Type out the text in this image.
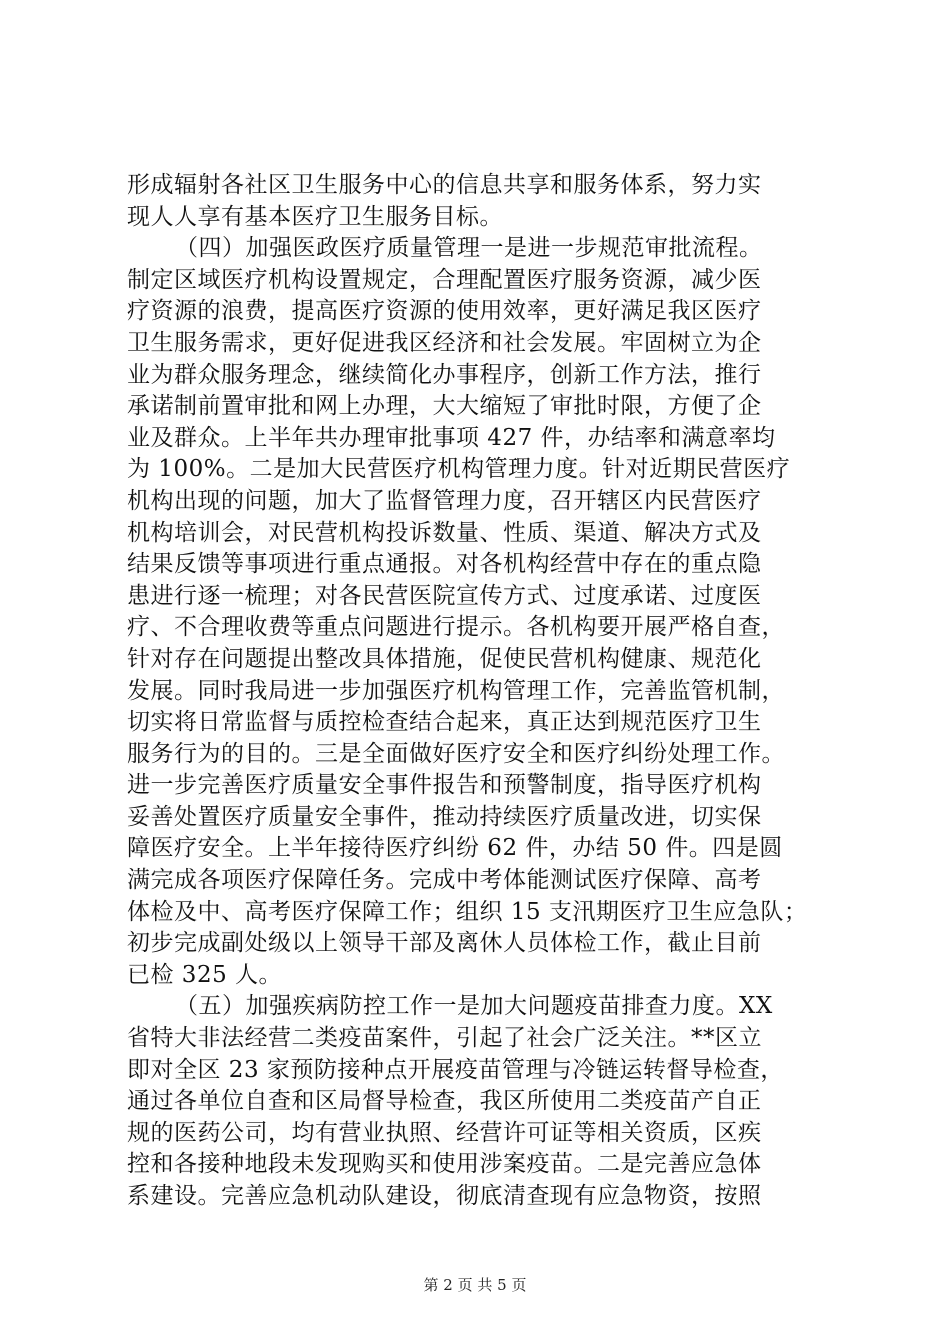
形成辐射各社区卫生服务中心的信息共享和服务体系，努力实
现人人享有基本医疗卫生服务目标。
（四）加强医政医疗质量管理一是进一步规范审批流程。
制定区域医疗机构设置规定，合理配置医疗服务资源，减少医
疗资源的浪费，提高医疗资源的使用效率，更好满足我区医疗
卫生服务需求，更好促进我区经济和社会发展。牢固树立为企
业为群众服务理念，继续简化办事程序，创新工作方法，推行
承诺制前置审批和网上办理，大大缩短了审批时限，方便了企
业及群众。上半年共办理审批事项 427 件，办结率和满意率均
为 100%。二是加大民营医疗机构管理力度。针对近期民营医疗
机构出现的问题，加大了监督管理力度，召开辖区内民营医疗
机构培训会，对民营机构投诉数量、性质、渠道、解决方式及
结果反馈等事项进行重点通报。对各机构经营中存在的重点隐
患进行逐一梳理；对各民营医院宣传方式、过度承诺、过度医
疗、不合理收费等重点问题进行提示。各机构要开展严格自查，
针对存在问题提出整改具体措施，促使民营机构健康、规范化
发展。同时我局进一步加强医疗机构管理工作，完善监管机制，
切实将日常监督与质控检查结合起来，真正达到规范医疗卫生
服务行为的目的。三是全面做好医疗安全和医疗纠纷处理工作。
进一步完善医疗质量安全事件报告和预警制度，指导医疗机构
妥善处置医疗质量安全事件，推动持续医疗质量改进，切实保
障医疗安全。上半年接待医疗纠纷 62 件，办结 50 件。四是圆
满完成各项医疗保障任务。完成中考体能测试医疗保障、高考
体检及中、高考医疗保障工作；组织 15 支汛期医疗卫生应急队；
初步完成副处级以上领导干部及离休人员体检工作，截止目前
已检 325 人。
（五）加强疾病防控工作一是加大问题疫苗排查力度。XX
省特大非法经营二类疫苗案件，引起了社会广泛关注。**区立
即对全区 23 家预防接种点开展疫苗管理与冷链运转督导检查，
通过各单位自查和区局督导检查，我区所使用二类疫苗产自正
规的医药公司，均有营业执照、经营许可证等相关资质，区疾
控和各接种地段未发现购买和使用涉案疫苗。二是完善应急体
系建设。完善应急机动队建设，彻底清查现有应急物资，按照
第 2 页 共 5 页
